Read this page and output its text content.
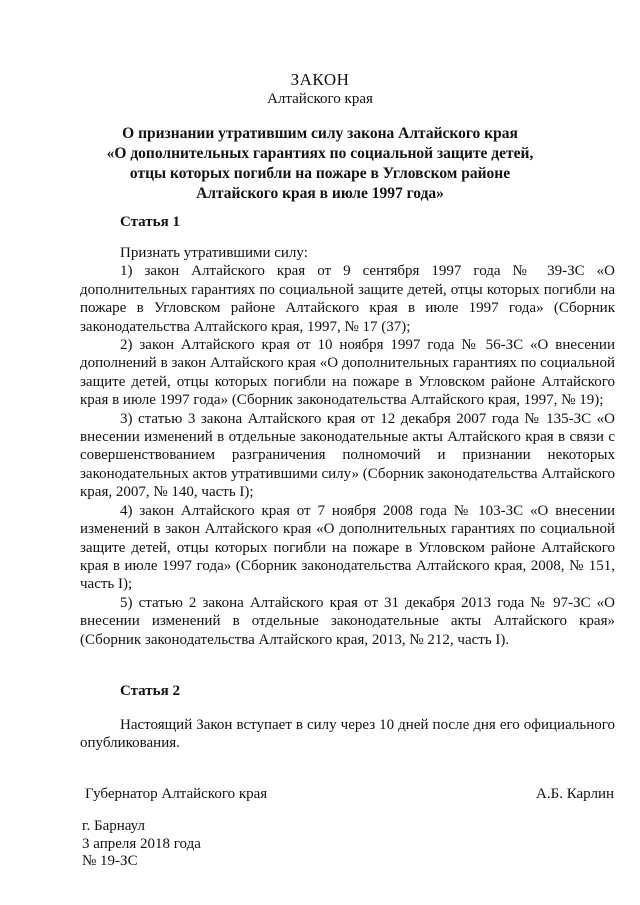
ЗАКОН
Алтайского края
О признании утратившим силу закона Алтайского края
«О дополнительных гарантиях по социальной защите детей,
отцы которых погибли на пожаре в Угловском районе
Алтайского края в июле 1997 года»
Статья 1

Признать утратившими силу:

1) закон Алтайского края от 9 сентября 1997 года № 39-ЗС «О дополнительных гарантиях по социальной защите детей, отцы которых погибли на пожаре в Угловском районе Алтайского края в июле 1997 года» (Сборник законодательства Алтайского края, 1997, № 17 (37);

2) закон Алтайского края от 10 ноября 1997 года № 56-ЗС «О внесении дополнений в закон Алтайского края «О дополнительных гарантиях по социальной защите детей, отцы которых погибли на пожаре в Угловском районе Алтайского края в июле 1997 года» (Сборник законодательства Алтайского края, 1997, № 19);

3) статью 3 закона Алтайского края от 12 декабря 2007 года № 135-ЗС «О внесении изменений в отдельные законодательные акты Алтайского края в связи с совершенствованием разграничения полномочий и признании некоторых законодательных актов утратившими силу» (Сборник законодательства Алтайского края, 2007, № 140, часть I);

4) закон Алтайского края от 7 ноября 2008 года № 103-ЗС «О внесении изменений в закон Алтайского края «О дополнительных гарантиях по социальной защите детей, отцы которых погибли на пожаре в Угловском районе Алтайского края в июле 1997 года» (Сборник законодательства Алтайского края, 2008, № 151, часть I);

5) статью 2 закона Алтайского края от 31 декабря 2013 года № 97-ЗС «О внесении изменений в отдельные законодательные акты Алтайского края» (Сборник законодательства Алтайского края, 2013, № 212, часть I).

Статья 2

Настоящий Закон вступает в силу через 10 дней после дня его официального опубликования.

Губернатор Алтайского края	А.Б. Карлин
г. Барнаул
3 апреля 2018 года
№ 19-ЗС
